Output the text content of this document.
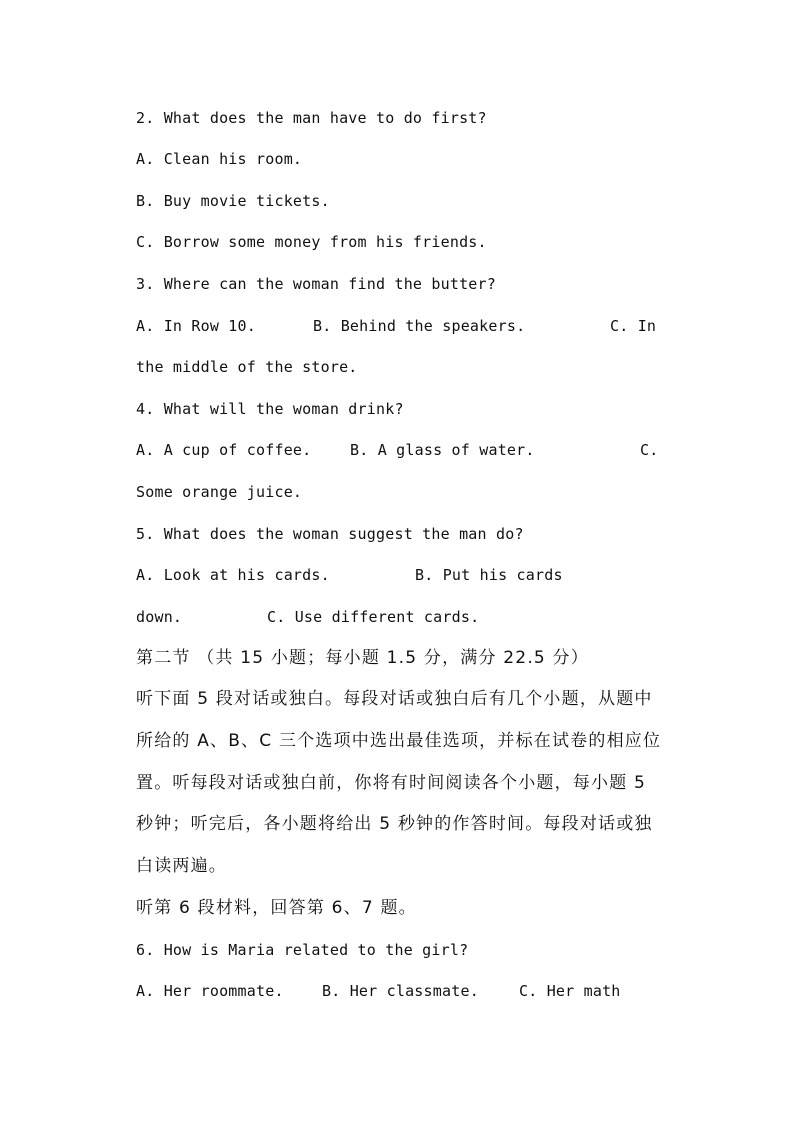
2. What does the man have to do first?
A. Clean his room.
B. Buy movie tickets.
C. Borrow some money from his friends.
3. Where can the woman find the butter?

A. In Row 10.

	B. Behind the speakers.

	C. In

the middle of the store.
4. What will the woman drink?

A. A cup of coffee.

	B. A glass of water.

	C.

Some orange juice.
5. What does the woman suggest the man do?

A. Look at his cards.

	B. Put his cards

down.

	C. Use different cards.

第二节 （共 15 小题；每小题 1.5 分，满分 22.5 分）
听下面 5 段对话或独白。每段对话或独白后有几个小题，从题中
所给的 A、B、C 三个选项中选出最佳选项，并标在试卷的相应位
置。听每段对话或独白前，你将有时间阅读各个小题，每小题 5
秒钟；听完后，各小题将给出 5 秒钟的作答时间。每段对话或独
白读两遍。
听第 6 段材料，回答第 6、7 题。
6. How is Maria related to the girl?

A. Her roommate.

	B. Her classmate.

	C. Her math
